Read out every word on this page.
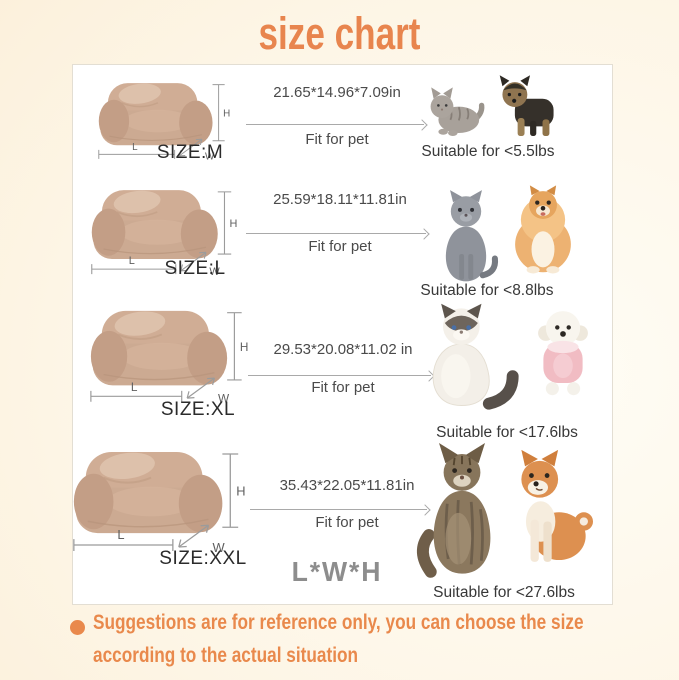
size chart
SIZE:M
21.65*14.96*7.09in
Fit for pet
Suitable for <5.5lbs
SIZE:L
25.59*18.11*11.81in
Fit for pet
Suitable for <8.8lbs
SIZE:XL
29.53*20.08*11.02 in
Fit for pet
Suitable for <17.6lbs
SIZE:XXL
35.43*22.05*11.81in
Fit for pet
L*W*H
Suitable for <27.6lbs
Suggestions are for reference only, you can choose the size
according to the actual situation
